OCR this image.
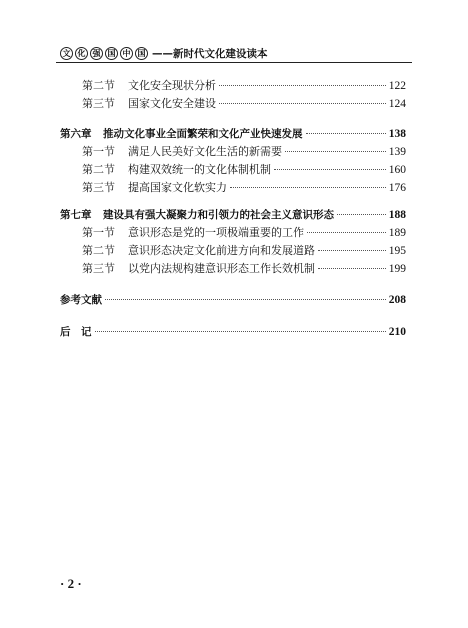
文 化 强 国 中 国 ——新时代文化建设读本
第二节	文化安全现状分析	122
第三节	国家文化安全建设	124
第六章	推动文化事业全面繁荣和文化产业快速发展	138
第一节	满足人民美好文化生活的新需要	139
第二节	构建双效统一的文化体制机制	160
第三节	提高国家文化软实力	176
第七章	建设具有强大凝聚力和引领力的社会主义意识形态	188
第一节	意识形态是党的一项极端重要的工作	189
第二节	意识形态决定文化前进方向和发展道路	195
第三节	以党内法规构建意识形态工作长效机制	199
参考文献	208
后　记	210
· 2 ·
